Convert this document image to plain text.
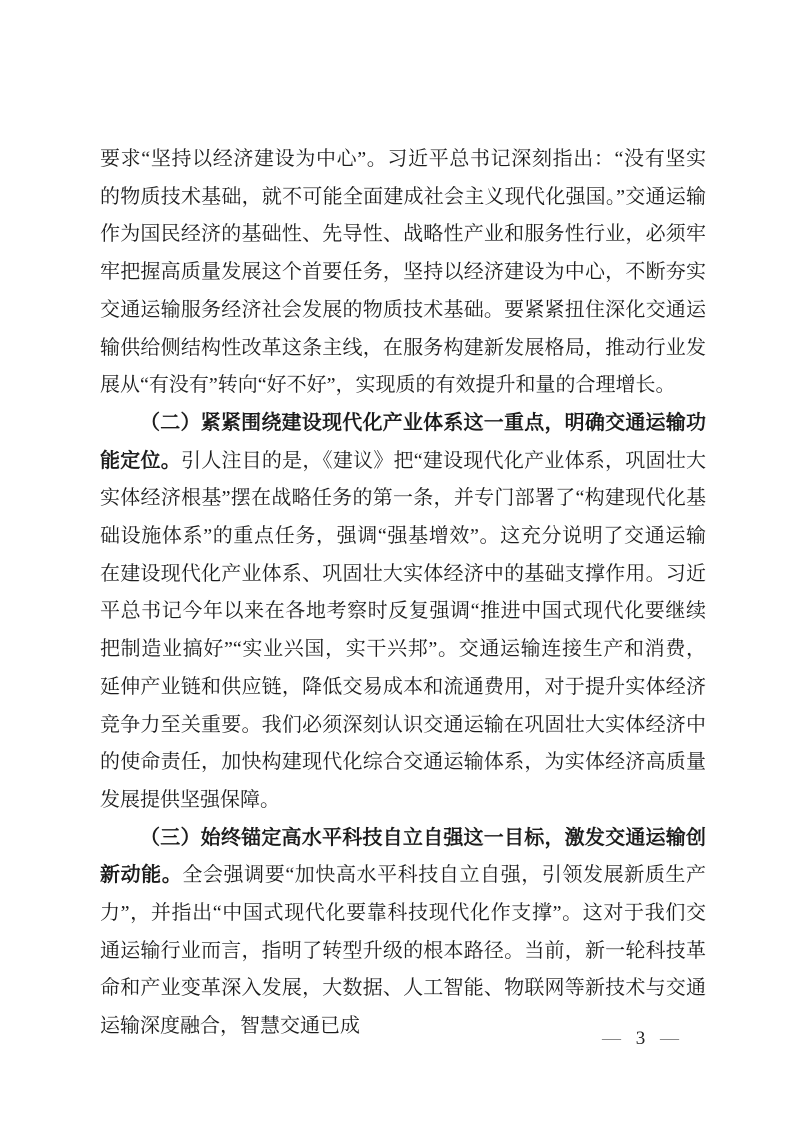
要求“坚持以经济建设为中心”。习近平总书记深刻指出：“没有坚实的物质技术基础，就不可能全面建成社会主义现代化强国。”交通运输作为国民经济的基础性、先导性、战略性产业和服务性行业，必须牢牢把握高质量发展这个首要任务，坚持以经济建设为中心，不断夯实交通运输服务经济社会发展的物质技术基础。要紧紧扭住深化交通运输供给侧结构性改革这条主线，在服务构建新发展格局，推动行业发展从“有没有”转向“好不好”，实现质的有效提升和量的合理增长。

（二）紧紧围绕建设现代化产业体系这一重点，明确交通运输功能定位。引人注目的是，《建议》把“建设现代化产业体系，巩固壮大实体经济根基”摆在战略任务的第一条，并专门部署了“构建现代化基础设施体系”的重点任务，强调“强基增效”。这充分说明了交通运输在建设现代化产业体系、巩固壮大实体经济中的基础支撑作用。习近平总书记今年以来在各地考察时反复强调“推进中国式现代化要继续把制造业搞好”“实业兴国，实干兴邦”。交通运输连接生产和消费，延伸产业链和供应链，降低交易成本和流通费用，对于提升实体经济竞争力至关重要。我们必须深刻认识交通运输在巩固壮大实体经济中的使命责任，加快构建现代化综合交通运输体系，为实体经济高质量发展提供坚强保障。

（三）始终锚定高水平科技自立自强这一目标，激发交通运输创新动能。全会强调要“加快高水平科技自立自强，引领发展新质生产力”，并指出“中国式现代化要靠科技现代化作支撑”。这对于我们交通运输行业而言，指明了转型升级的根本路径。当前，新一轮科技革命和产业变革深入发展，大数据、人工智能、物联网等新技术与交通运输深度融合，智慧交通已成

— 3 —
